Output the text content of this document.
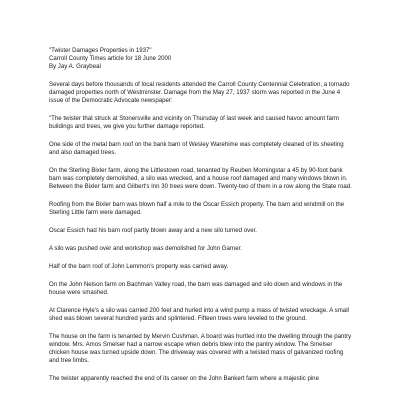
"Twister Damages Properties in 1937"

Carroll County Times article for 18 June 2000

By Jay A. Graybeal

Several days before thousands of local residents attended the Carroll County Centennial Celebration, a tornado damaged properties north of Westminster. Damage from the May 27, 1937 storm was reported in the June 4 issue of the Democratic Advocate newspaper:

"The twister that struck at Stonersville and vicinity on Thursday of last week and caused havoc amount farm buildings and trees, we give you further damage reported.

One side of the metal barn roof on the bank barn of Wesley Warehime was completely cleaned of its sheeting and also damaged trees.

On the Sterling Bixler farm, along the Littlestown road, tenanted by Reuben Morningstar a 45 by 90-foot bank barn was completely demolished, a silo was wrecked, and a house roof damaged and many windows blown in. Between the Bixler farm and Gilbert's Inn 30 trees were down. Twenty-two of them in a row along the State road.

Roofing from the Bixler barn was blown half a mile to the Oscar Essich property. The barn and windmill on the Sterling Little farm were damaged.

Oscar Essich had his barn roof partly blown away and a new silo turned over.

A silo was pushed over and workshop was demolished for John Garner.

Half of the barn roof of John Lemmon's property was carried away.

On the John Nelson farm on Bachman Valley road, the barn was damaged and silo down and windows in the house were smashed.

At Clarence Hyle's a silo was carried 200 feet and hurled into a wind pump a mass of twisted wreckage. A small shed was blown several hundred yards and splintered. Fifteen trees were leveled to the ground.

The house on the farm is tenanted by Mervin Cushman. A board was hurtled into the dwelling through the pantry window. Mrs. Amos Smelser had a narrow escape when debris blew into the pantry window. The Smelser chicken house was turned upside down. The driveway was covered with a twisted mass of galvanized roofing and tree limbs.

The twister apparently reached the end of its career on the John Bankert farm where a majestic pine
